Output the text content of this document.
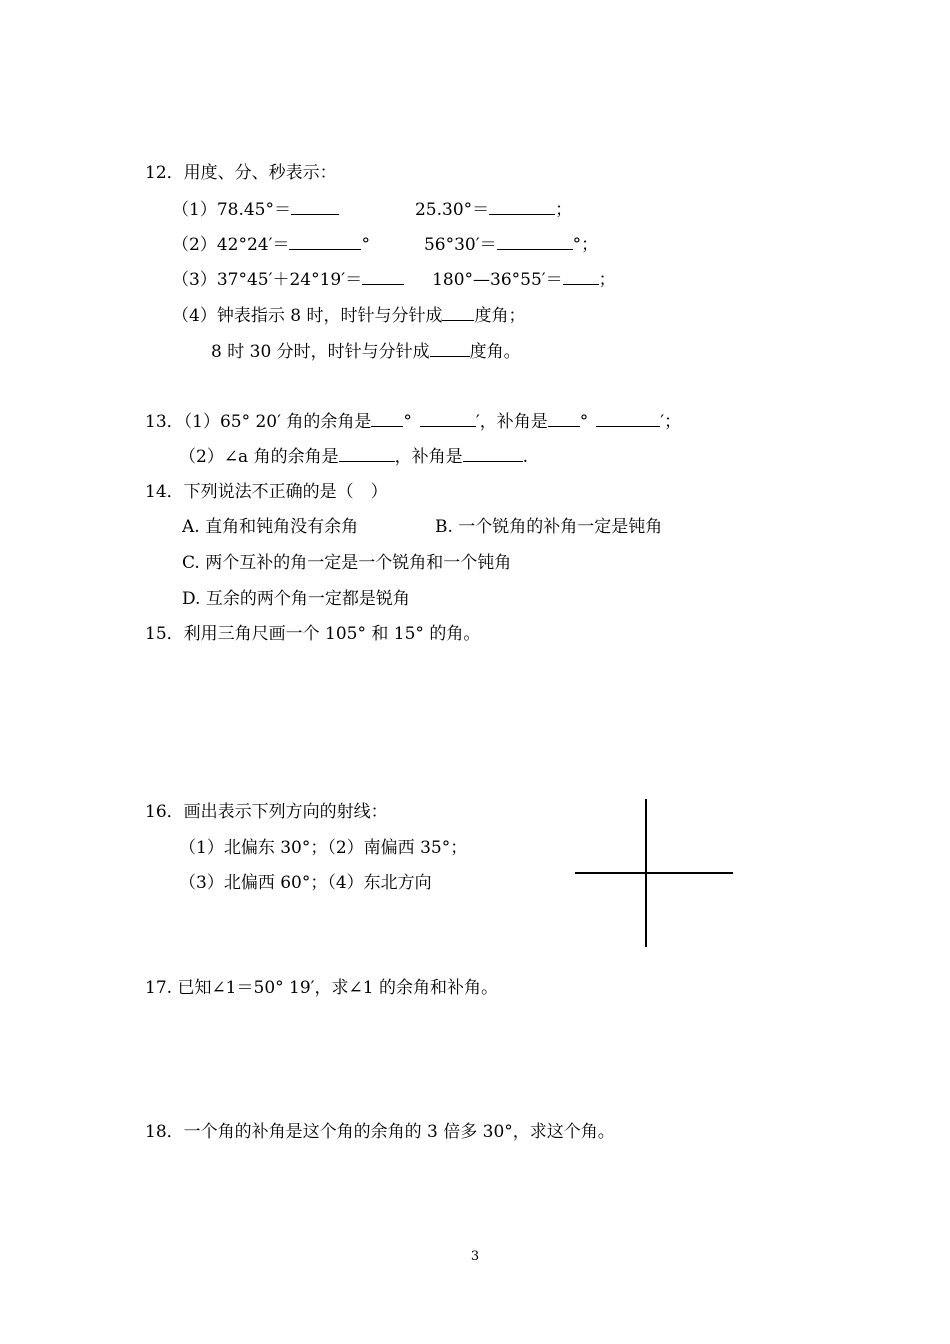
12．用度、分、秒表示：
（1）78.45°＝	25.30°＝	；
（2）42°24′＝	°	56°30′＝	°；
（3）37°45′＋24°19′＝	180°—36°55′＝ ；
（4）钟表指示 8 时，时针与分针成 度角；
8 时 30 分时，时针与分针成 度角。
13．（1）65° 20′ 角的余角是 °	′，补角是 °	′；
（2）∠a 角的余角是	，补角是	.
14．下列说法不正确的是（　）
A. 直角和钝角没有余角	B. 一个锐角的补角一定是钝角
C. 两个互补的角一定是一个锐角和一个钝角
D. 互余的两个角一定都是锐角
15．利用三角尺画一个 105° 和 15° 的角。
16．画出表示下列方向的射线：
（1）北偏东 30°；（2）南偏西 35°；
（3）北偏西 60°；（4）东北方向
17. 已知∠1＝50° 19′，求∠1 的余角和补角。
18．一个角的补角是这个角的余角的 3 倍多 30°，求这个角。
3
